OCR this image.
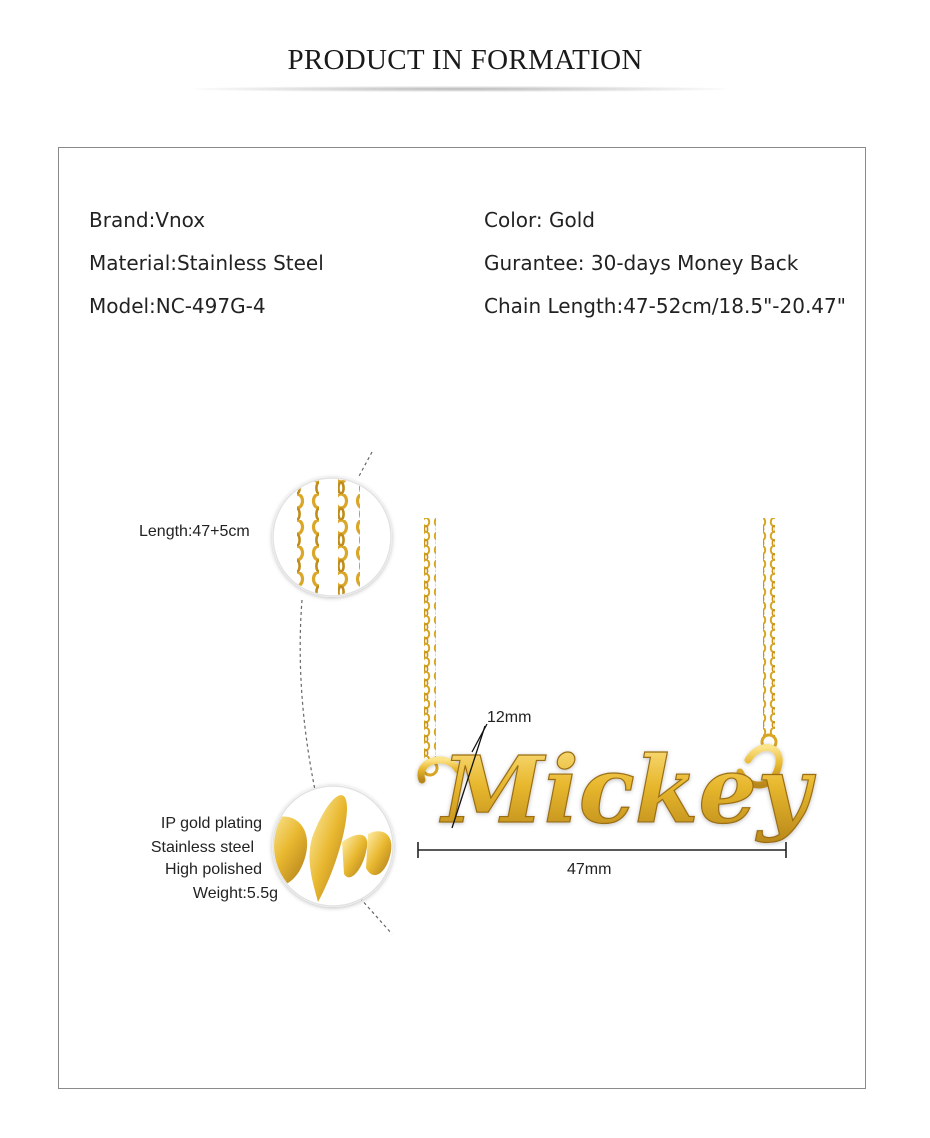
PRODUCT IN FORMATION
Brand:Vnox
Material:Stainless Steel
Model:NC-497G-4
Color: Gold
Gurantee: 30-days Money Back
Chain Length:47-52cm/18.5"-20.47"
Mickey
Length:47+5cm
IP gold plating
Stainless steel
High polished
Weight:5.5g
12mm
47mm
